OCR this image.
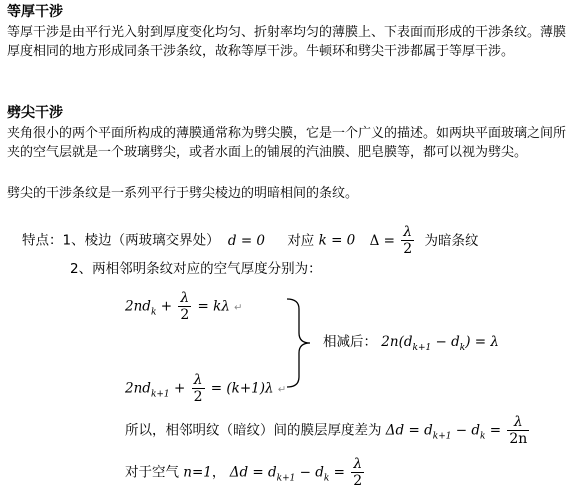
等厚干涉
等厚干涉是由平行光入射到厚度变化均匀、折射率均匀的薄膜上、下表面而形成的干涉条纹。薄膜厚度相同的地方形成同条干涉条纹，故称等厚干涉。牛顿环和劈尖干涉都属于等厚干涉。
劈尖干涉
夹角很小的两个平面所构成的薄膜通常称为劈尖膜，它是一个广义的描述。如两块平面玻璃之间所夹的空气层就是一个玻璃劈尖，或者水面上的铺展的汽油膜、肥皂膜等，都可以视为劈尖。
劈尖的干涉条纹是一系列平行于劈尖棱边的明暗相间的条纹。
特点：1、棱边（两玻璃交界处） d = 0 对应 k = 0 $\Delta = \frac{\lambda}{2}$ 为暗条纹
2、两相邻明条纹对应的空气厚度分别为：
$2nd_k + \frac{\lambda}{2} = k\lambda$ ↵
相减后： $2n(d_{k+1} - d_k) = \lambda$
$2nd_{k+1} + \frac{\lambda}{2} = (k+1)\lambda$ ↵
所以，相邻明纹（暗纹）间的膜层厚度差为 $\Delta d = d_{k+1} - d_k = \frac{\lambda}{2n}$
对于空气 n=1， $\Delta d = d_{k+1} - d_k = \frac{\lambda}{2}$
